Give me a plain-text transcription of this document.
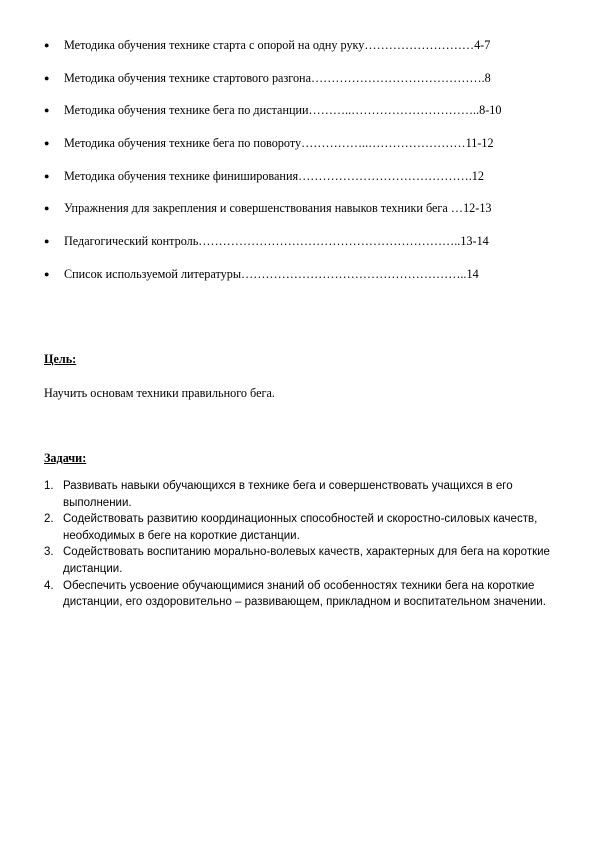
●	Методика обучения технике старта с опорой на одну руку………………………4-7
●	Методика обучения технике стартового разгона…………………………………….8
●	Методика обучения технике бега по дистанции………..…………………………..8-10
●	Методика обучения технике бега по повороту……………..……………………11-12
●	Методика обучения технике финиширования…………………………………….12
●	Упражнения для закрепления и совершенствования навыков техники бега …12-13
●	Педагогический контроль………………………………………………………..13-14
●	Список используемой литературы………………………………………………..14
Цель:
Научить основам техники правильного бега.
Задачи:
1. Развивать навыки обучающихся в технике бега и совершенствовать учащихся в его выполнении.
2. Содействовать развитию координационных способностей и скоростно-силовых качеств, необходимых в беге на короткие дистанции.
3. Содействовать воспитанию морально-волевых качеств, характерных для бега на короткие дистанции.
4. Обеспечить усвоение обучающимися знаний об особенностях техники бега на короткие дистанции, его оздоровительно – развивающем, прикладном и воспитательном значении.
